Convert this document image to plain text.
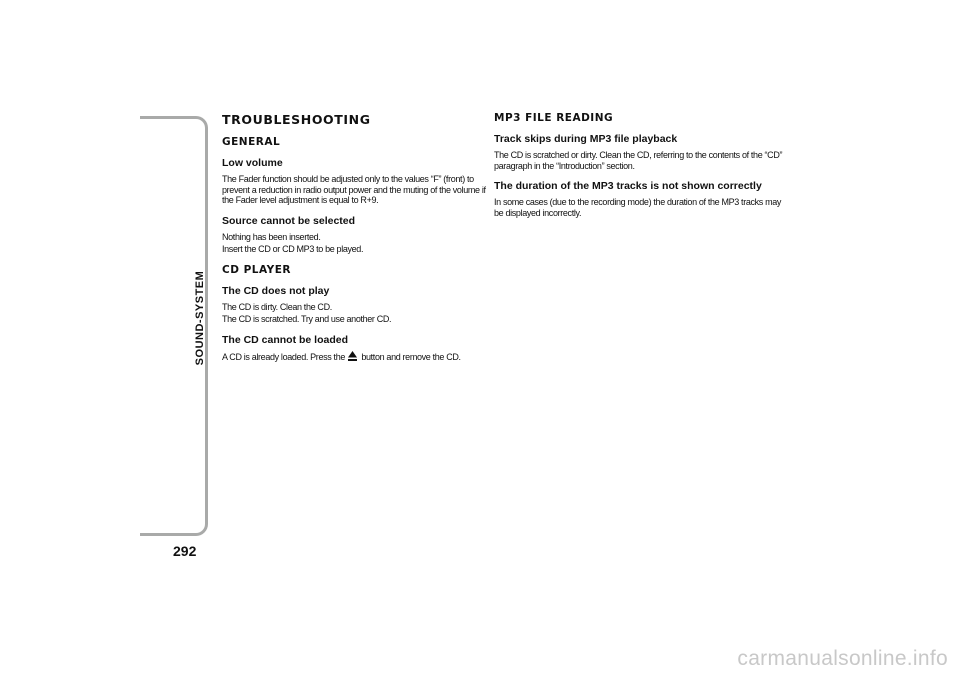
SOUND-SYSTEM
292
TROUBLESHOOTING
GENERAL
Low volume
The Fader function should be adjusted only to the values “F” (front) to prevent a reduction in radio output power and the muting of the volume if the Fader level adjustment is equal to R+9.
Source cannot be selected
Nothing has been inserted.
Insert the CD or CD MP3 to be played.
CD PLAYER
The CD does not play
The CD is dirty. Clean the CD.
The CD is scratched. Try and use another CD.
The CD cannot be loaded
A CD is already loaded. Press the button and remove the CD.
MP3 FILE READING
Track skips during MP3 file playback
The CD is scratched or dirty. Clean the CD, referring to the contents of the “CD” paragraph in the “Introduction” section.
The duration of the MP3 tracks is not shown correctly
In some cases (due to the recording mode) the duration of the MP3 tracks may be displayed incorrectly.
carmanualsonline.info
